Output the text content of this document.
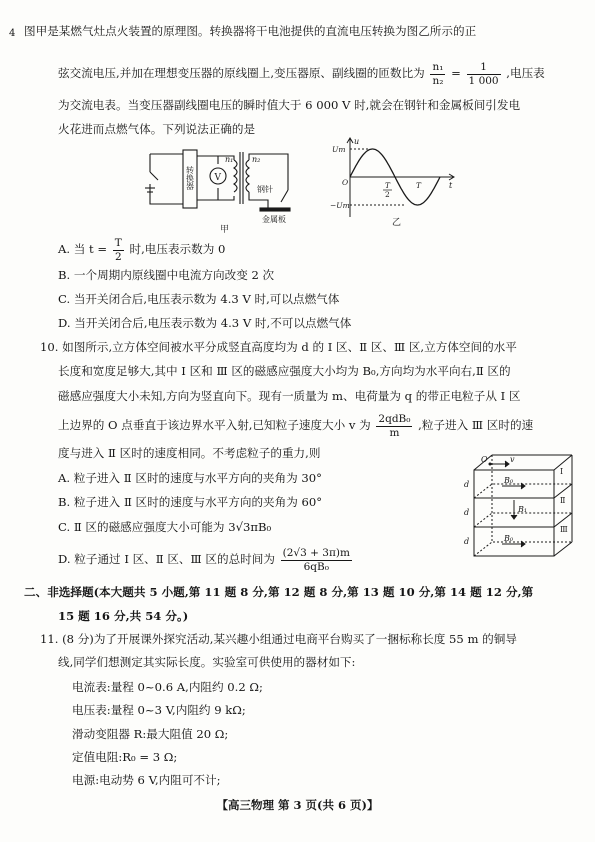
4 图甲是某燃气灶点火装置的原理图。转换器将干电池提供的直流电压转换为图乙所示的正
弦交流电压,并加在理想变压器的原线圈上,变压器原、副线圈的匝数比为 $\frac{\text{n₁}}{\text{n₂}} = \frac{1}{1 000}$ ,电压表
为交流电表。当变压器副线圈电压的瞬时值大于 6 000 V 时,就会在钢针和金属板间引发电
火花进而点燃气体。下列说法正确的是
转换器 V
n₁ n₂
钢针
金属板
甲
u
Um
−Um
O	T
2
T	t
乙
A. 当 $t = \frac{T}{2}$ 时,电压表示数为 0
B. 一个周期内原线圈中电流方向改变 2 次
C. 当开关闭合后,电压表示数为 4.3 V 时,可以点燃气体
D. 当开关闭合后,电压表示数为 4.3 V 时,不可以点燃气体
10. 如图所示,立方体空间被水平分成竖直高度均为 d 的 Ⅰ 区、Ⅱ 区、Ⅲ 区,立方体空间的水平
长度和宽度足够大,其中 Ⅰ 区和 Ⅲ 区的磁感应强度大小均为 B₀,方向均为水平向右,Ⅱ 区的
磁感应强度大小未知,方向为竖直向下。现有一质量为 m、电荷量为 q 的带正电粒子从 Ⅰ 区
上边界的 O 点垂直于该边界水平入射,已知粒子速度大小 v 为 $\frac{\text{2qdB₀}}{m}$ ,粒子进入 Ⅲ 区时的速
度与进入 Ⅱ 区时的速度相同。不考虑粒子的重力,则
A. 粒子进入 Ⅱ 区时的速度与水平方向的夹角为 30°
B. 粒子进入 Ⅱ 区时的速度与水平方向的夹角为 60°
C. Ⅱ 区的磁感应强度大小可能为 3√3πB₀
D. 粒子通过 Ⅰ 区、Ⅱ 区、Ⅲ 区的总时间为 $\frac{(2√3 + 3\pi)m}{\text{6qB₀}}$
O	v
B₀
B₁
B₀
d
d
d
Ⅰ
Ⅱ
Ⅲ
二、非选择题(本大题共 5 小题,第 11 题 8 分,第 12 题 8 分,第 13 题 10 分,第 14 题 12 分,第
15 题 16 分,共 54 分。)
11. (8 分)为了开展课外探究活动,某兴趣小组通过电商平台购买了一捆标称长度 55 m 的铜导
线,同学们想测定其实际长度。实验室可供使用的器材如下:
电流表:量程 0~0.6 A,内阻约 0.2 Ω;
电压表:量程 0~3 V,内阻约 9 kΩ;
滑动变阻器 R:最大阻值 20 Ω;
定值电阻:R₀ = 3 Ω;
电源:电动势 6 V,内阻可不计;
【高三物理 第 3 页(共 6 页)】
